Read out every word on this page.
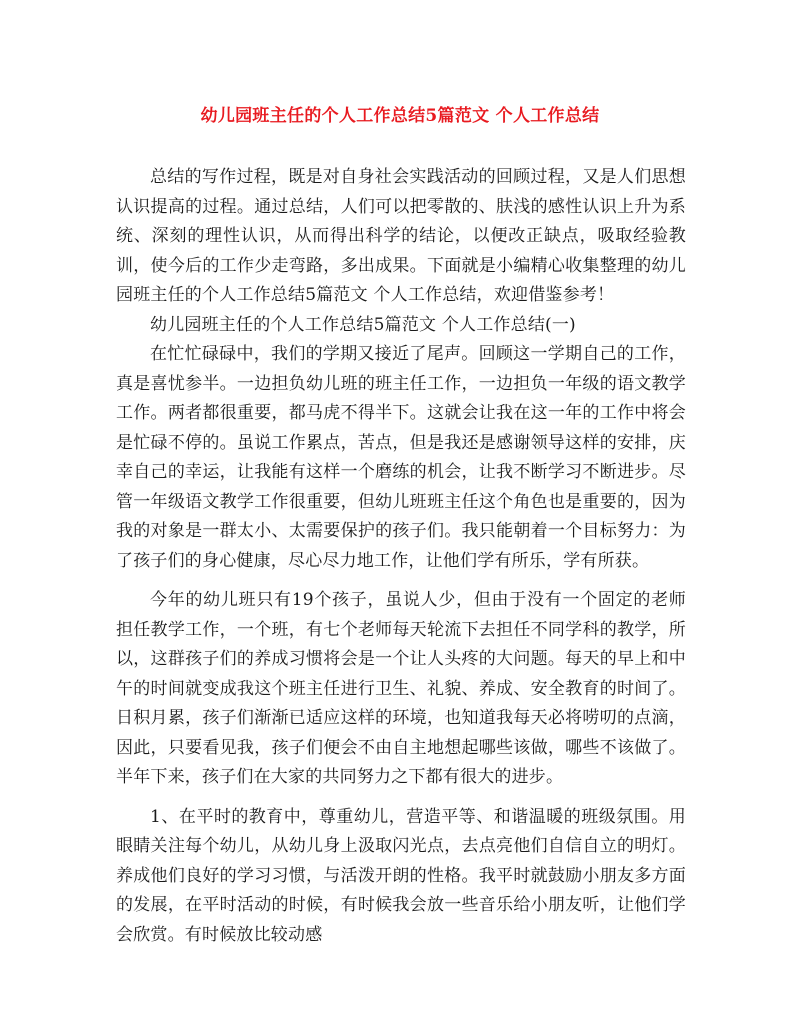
幼儿园班主任的个人工作总结5篇范文 个人工作总结

总结的写作过程，既是对自身社会实践活动的回顾过程，又是人们思想认识提高的过程。通过总结，人们可以把零散的、肤浅的感性认识上升为系统、深刻的理性认识，从而得出科学的结论，以便改正缺点，吸取经验教训，使今后的工作少走弯路，多出成果。下面就是小编精心收集整理的幼儿园班主任的个人工作总结5篇范文 个人工作总结，欢迎借鉴参考！

幼儿园班主任的个人工作总结5篇范文 个人工作总结(一)

在忙忙碌碌中，我们的学期又接近了尾声。回顾这一学期自己的工作，真是喜忧参半。一边担负幼儿班的班主任工作，一边担负一年级的语文教学工作。两者都很重要，都马虎不得半下。这就会让我在这一年的工作中将会是忙碌不停的。虽说工作累点，苦点，但是我还是感谢领导这样的安排，庆幸自己的幸运，让我能有这样一个磨练的机会，让我不断学习不断进步。尽管一年级语文教学工作很重要，但幼儿班班主任这个角色也是重要的，因为我的对象是一群太小、太需要保护的孩子们。我只能朝着一个目标努力：为了孩子们的身心健康，尽心尽力地工作，让他们学有所乐，学有所获。

今年的幼儿班只有19个孩子，虽说人少，但由于没有一个固定的老师担任教学工作，一个班，有七个老师每天轮流下去担任不同学科的教学，所以，这群孩子们的养成习惯将会是一个让人头疼的大问题。每天的早上和中午的时间就变成我这个班主任进行卫生、礼貌、养成、安全教育的时间了。日积月累，孩子们渐渐已适应这样的环境，也知道我每天必将唠叨的点滴，因此，只要看见我，孩子们便会不由自主地想起哪些该做，哪些不该做了。半年下来，孩子们在大家的共同努力之下都有很大的进步。

1、在平时的教育中，尊重幼儿，营造平等、和谐温暖的班级氛围。用眼睛关注每个幼儿，从幼儿身上汲取闪光点，去点亮他们自信自立的明灯。养成他们良好的学习习惯，与活泼开朗的性格。我平时就鼓励小朋友多方面的发展，在平时活动的时候，有时候我会放一些音乐给小朋友听，让他们学会欣赏。有时候放比较动感
